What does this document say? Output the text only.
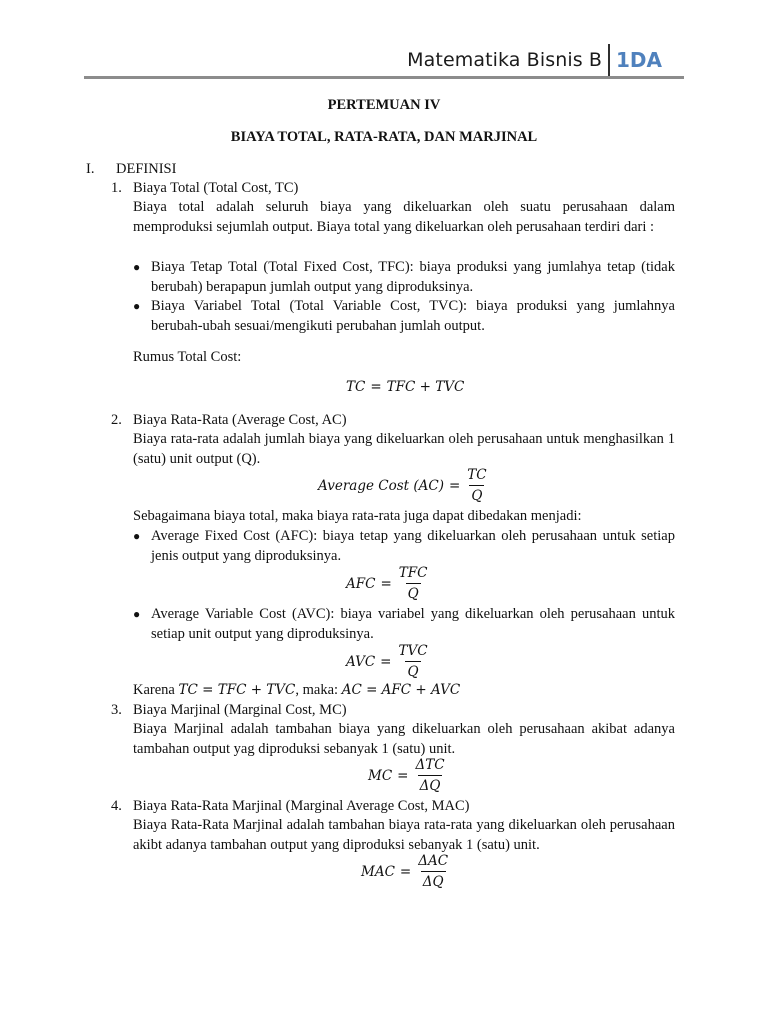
Matematika Bisnis B 1DA
PERTEMUAN IV
BIAYA TOTAL, RATA-RATA, DAN MARJINAL
I. DEFINISI
1. Biaya Total (Total Cost, TC)
Biaya total adalah seluruh biaya yang dikeluarkan oleh suatu perusahaan dalam memproduksi sejumlah output. Biaya total yang dikeluarkan oleh perusahaan terdiri dari :
● Biaya Tetap Total (Total Fixed Cost, TFC): biaya produksi yang jumlahya tetap (tidak berubah) berapapun jumlah output yang diproduksinya.
● Biaya Variabel Total (Total Variable Cost, TVC): biaya produksi yang jumlahnya berubah-ubah sesuai/mengikuti perubahan jumlah output.
Rumus Total Cost:
TC = TFC + TVC
2. Biaya Rata-Rata (Average Cost, AC)
Biaya rata-rata adalah jumlah biaya yang dikeluarkan oleh perusahaan untuk menghasilkan 1 (satu) unit output (Q).
Average Cost $(AC) = \frac{TC}{Q}$
Sebagaimana biaya total, maka biaya rata-rata juga dapat dibedakan menjadi:
● Average Fixed Cost (AFC): biaya tetap yang dikeluarkan oleh perusahaan untuk setiap jenis output yang diproduksinya.
AFC = $\frac{\text{TFC}}{Q}$
● Average Variable Cost (AVC): biaya variabel yang dikeluarkan oleh perusahaan untuk setiap unit output yang diproduksinya.
AVC = $\frac{\text{TVC}}{Q}$
Karena TC = TFC + TVC, maka: AC = AFC + AVC
3. Biaya Marjinal (Marginal Cost, MC)
Biaya Marjinal adalah tambahan biaya yang dikeluarkan oleh perusahaan akibat adanya tambahan output yag diproduksi sebanyak 1 (satu) unit.
MC = $\frac{\text{ΔTC}}{\Delta Q}$
4. Biaya Rata-Rata Marjinal (Marginal Average Cost, MAC)
Biaya Rata-Rata Marjinal adalah tambahan biaya rata-rata yang dikeluarkan oleh perusahaan akibt adanya tambahan output yang diproduksi sebanyak 1 (satu) unit.
MAC = $\frac{\text{ΔAC}}{\Delta Q}$
